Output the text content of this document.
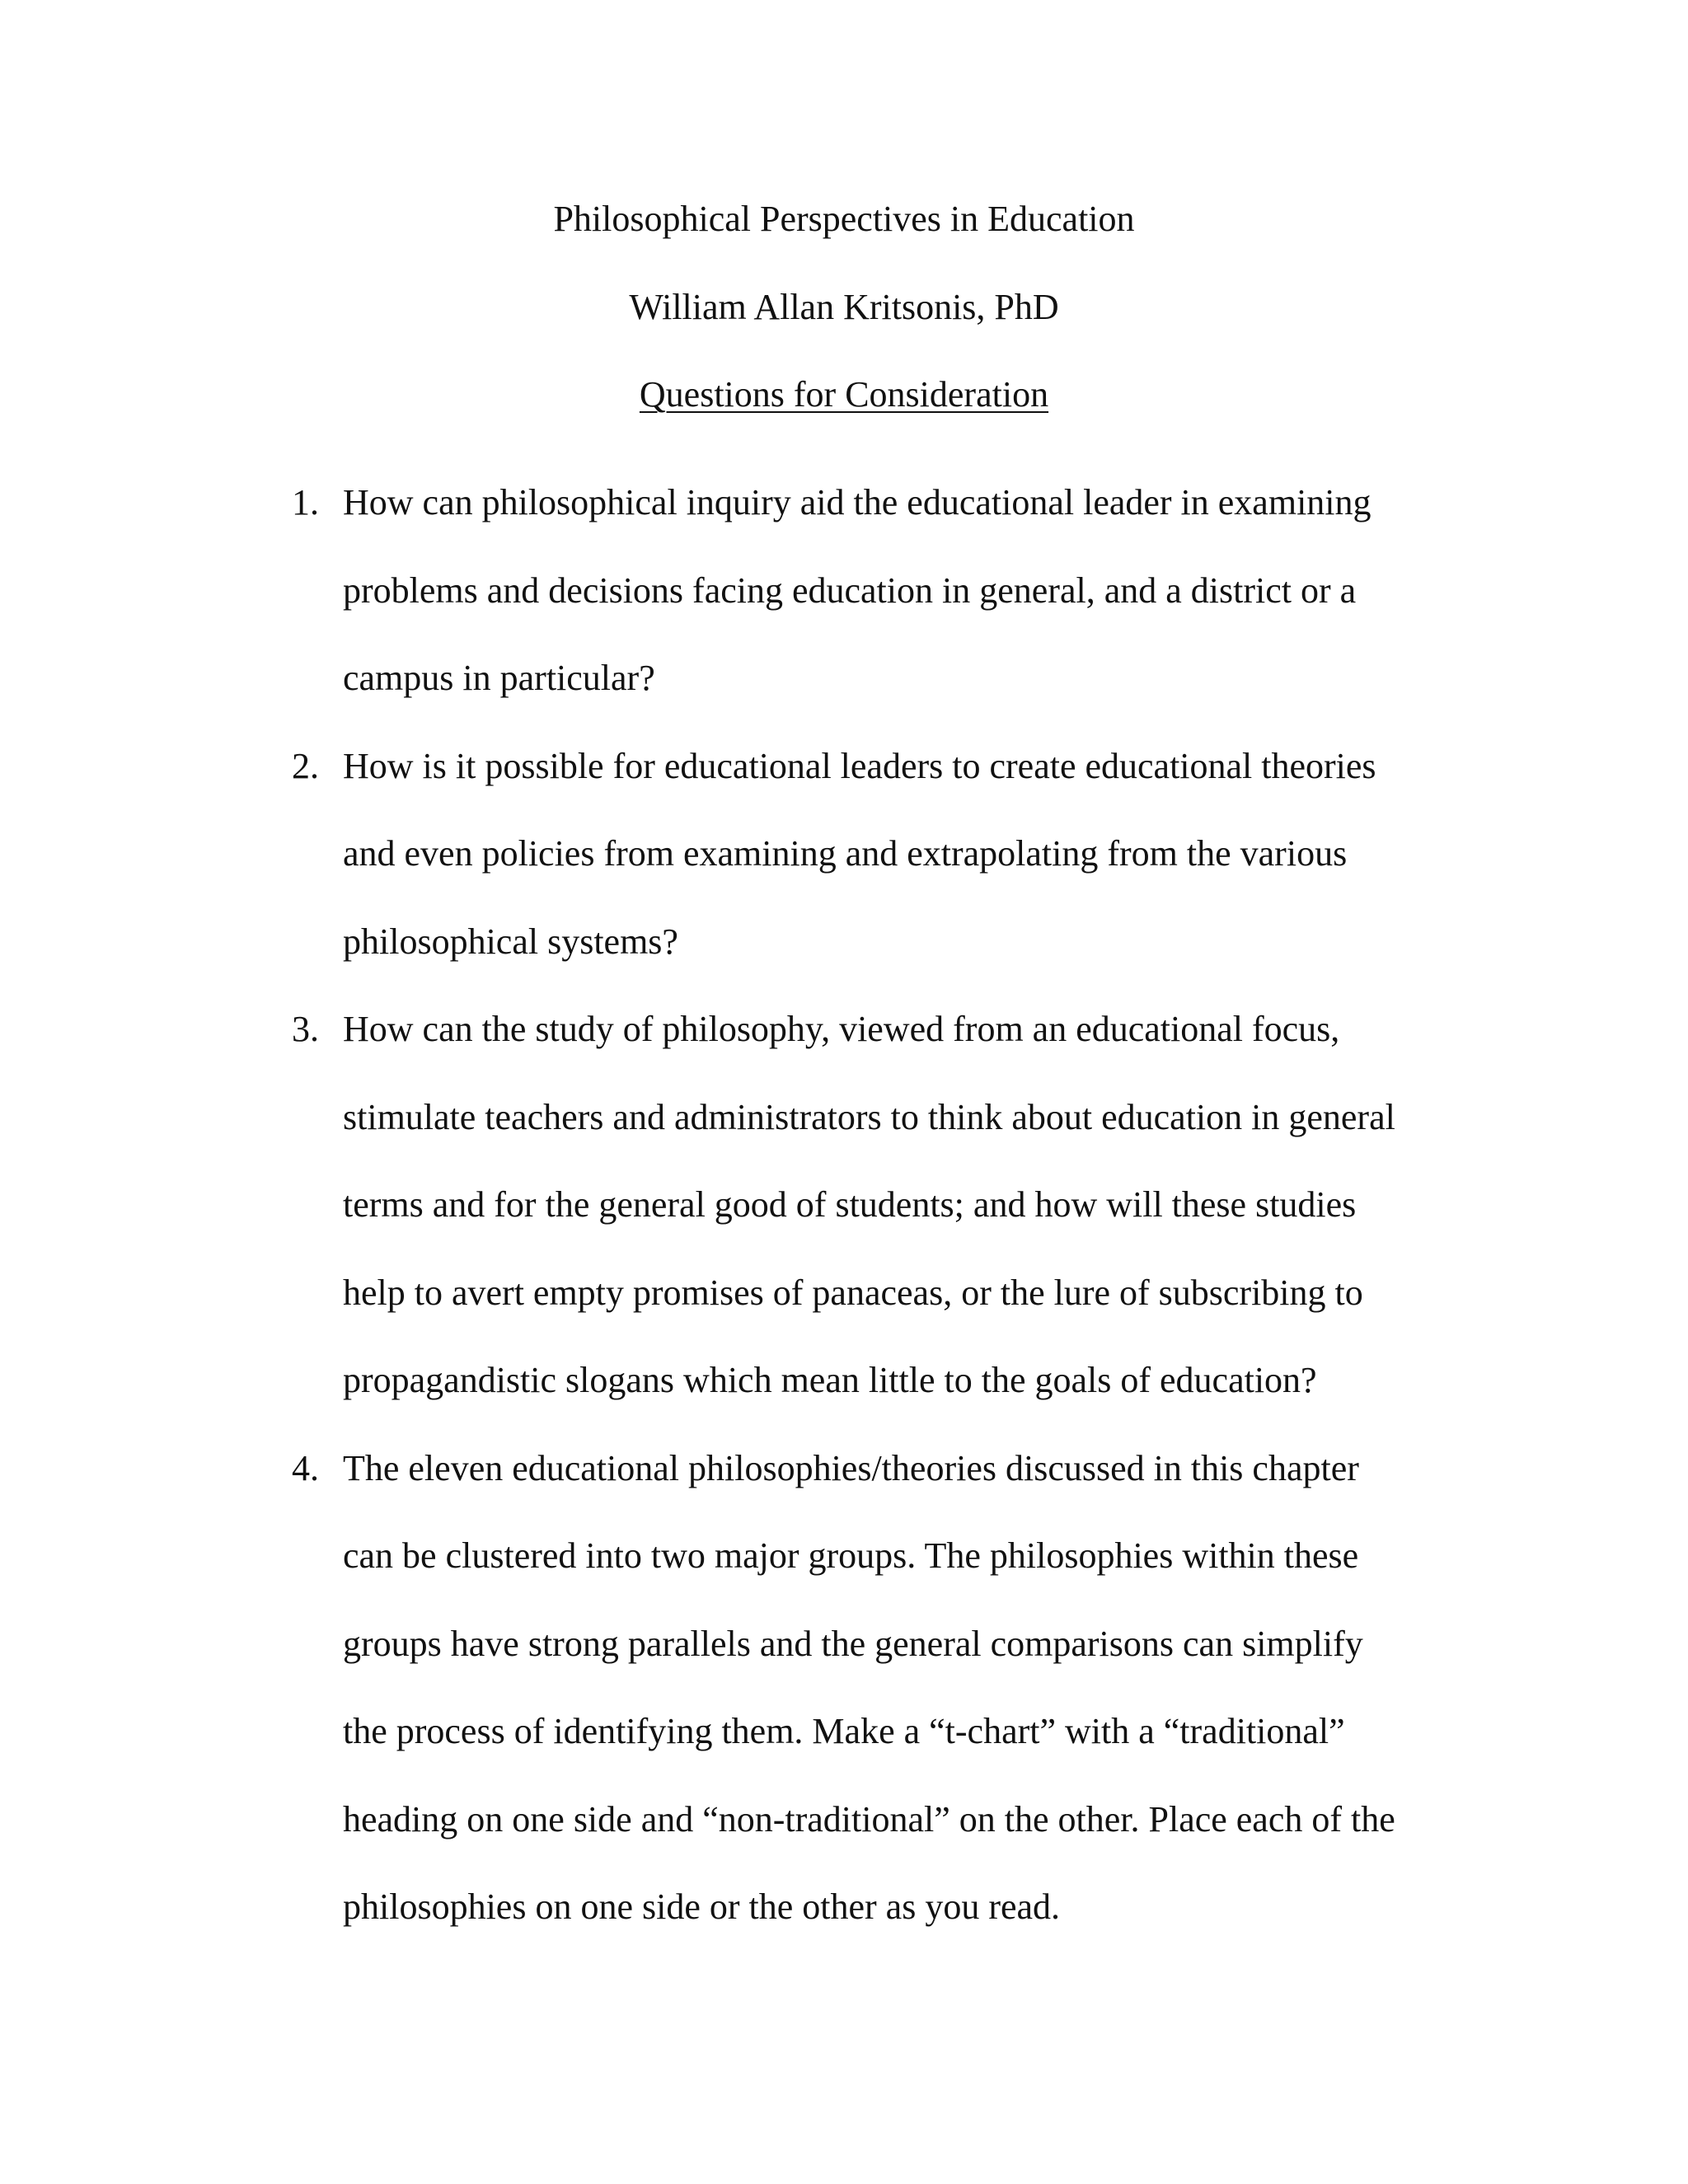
Philosophical Perspectives in Education
William Allan Kritsonis, PhD
Questions for Consideration
1. How can philosophical inquiry aid the educational leader in examining
problems and decisions facing education in general, and a district or a
campus in particular?
2. How is it possible for educational leaders to create educational theories
and even policies from examining and extrapolating from the various
philosophical systems?
3. How can the study of philosophy, viewed from an educational focus,
stimulate teachers and administrators to think about education in general
terms and for the general good of students; and how will these studies
help to avert empty promises of panaceas, or the lure of subscribing to
propagandistic slogans which mean little to the goals of education?
4. The eleven educational philosophies/theories discussed in this chapter
can be clustered into two major groups. The philosophies within these
groups have strong parallels and the general comparisons can simplify
the process of identifying them. Make a “t-chart” with a “traditional”
heading on one side and “non-traditional” on the other. Place each of the
philosophies on one side or the other as you read.
